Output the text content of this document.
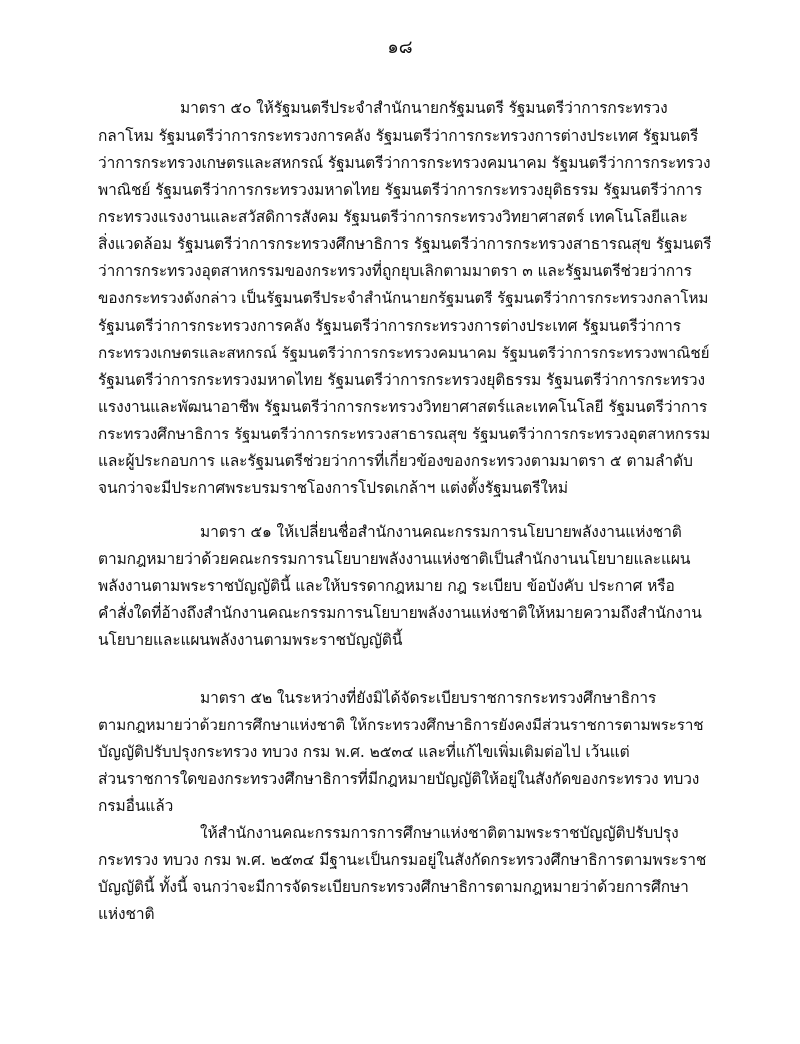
๑๘
มาตรา ๕๐ ให้รัฐมนตรีประจำสำนักนายกรัฐมนตรี รัฐมนตรีว่าการกระทรวง
กลาโหม รัฐมนตรีว่าการกระทรวงการคลัง รัฐมนตรีว่าการกระทรวงการต่างประเทศ รัฐมนตรี
ว่าการกระทรวงเกษตรและสหกรณ์ รัฐมนตรีว่าการกระทรวงคมนาคม รัฐมนตรีว่าการกระทรวง
พาณิชย์ รัฐมนตรีว่าการกระทรวงมหาดไทย รัฐมนตรีว่าการกระทรวงยุติธรรม รัฐมนตรีว่าการ
กระทรวงแรงงานและสวัสดิการสังคม รัฐมนตรีว่าการกระทรวงวิทยาศาสตร์ เทคโนโลยีและ
สิ่งแวดล้อม รัฐมนตรีว่าการกระทรวงศึกษาธิการ รัฐมนตรีว่าการกระทรวงสาธารณสุข รัฐมนตรี
ว่าการกระทรวงอุตสาหกรรมของกระทรวงที่ถูกยุบเลิกตามมาตรา ๓ และรัฐมนตรีช่วยว่าการ
ของกระทรวงดังกล่าว เป็นรัฐมนตรีประจำสำนักนายกรัฐมนตรี รัฐมนตรีว่าการกระทรวงกลาโหม
รัฐมนตรีว่าการกระทรวงการคลัง รัฐมนตรีว่าการกระทรวงการต่างประเทศ รัฐมนตรีว่าการ
กระทรวงเกษตรและสหกรณ์ รัฐมนตรีว่าการกระทรวงคมนาคม รัฐมนตรีว่าการกระทรวงพาณิชย์
รัฐมนตรีว่าการกระทรวงมหาดไทย รัฐมนตรีว่าการกระทรวงยุติธรรม รัฐมนตรีว่าการกระทรวง
แรงงานและพัฒนาอาชีพ รัฐมนตรีว่าการกระทรวงวิทยาศาสตร์และเทคโนโลยี รัฐมนตรีว่าการ
กระทรวงศึกษาธิการ รัฐมนตรีว่าการกระทรวงสาธารณสุข รัฐมนตรีว่าการกระทรวงอุตสาหกรรม
และผู้ประกอบการ และรัฐมนตรีช่วยว่าการที่เกี่ยวข้องของกระทรวงตามมาตรา ๕ ตามลำดับ
จนกว่าจะมีประกาศพระบรมราชโองการโปรดเกล้าฯ แต่งตั้งรัฐมนตรีใหม่
มาตรา ๕๑ ให้เปลี่ยนชื่อสำนักงานคณะกรรมการนโยบายพลังงานแห่งชาติ
ตามกฎหมายว่าด้วยคณะกรรมการนโยบายพลังงานแห่งชาติเป็นสำนักงานนโยบายและแผน
พลังงานตามพระราชบัญญัตินี้ และให้บรรดากฎหมาย กฎ ระเบียบ ข้อบังคับ ประกาศ หรือ
คำสั่งใดที่อ้างถึงสำนักงานคณะกรรมการนโยบายพลังงานแห่งชาติให้หมายความถึงสำนักงาน
นโยบายและแผนพลังงานตามพระราชบัญญัตินี้
มาตรา ๕๒ ในระหว่างที่ยังมิได้จัดระเบียบราชการกระทรวงศึกษาธิการ
ตามกฎหมายว่าด้วยการศึกษาแห่งชาติ ให้กระทรวงศึกษาธิการยังคงมีส่วนราชการตามพระราช
บัญญัติปรับปรุงกระทรวง ทบวง กรม พ.ศ. ๒๕๓๔ และที่แก้ไขเพิ่มเติมต่อไป เว้นแต่
ส่วนราชการใดของกระทรวงศึกษาธิการที่มีกฎหมายบัญญัติให้อยู่ในสังกัดของกระทรวง ทบวง
กรมอื่นแล้ว
ให้สำนักงานคณะกรรมการการศึกษาแห่งชาติตามพระราชบัญญัติปรับปรุง
กระทรวง ทบวง กรม พ.ศ. ๒๕๓๔ มีฐานะเป็นกรมอยู่ในสังกัดกระทรวงศึกษาธิการตามพระราช
บัญญัตินี้ ทั้งนี้ จนกว่าจะมีการจัดระเบียบกระทรวงศึกษาธิการตามกฎหมายว่าด้วยการศึกษา
แห่งชาติ
